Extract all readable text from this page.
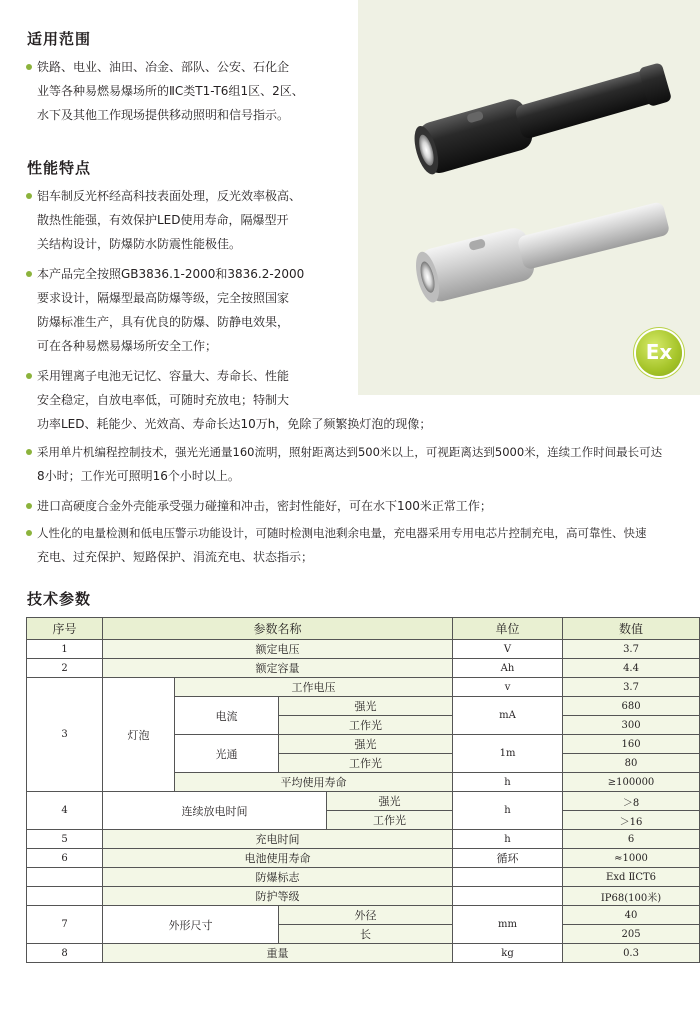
Ex
适用范围
铁路、电业、油田、冶金、部队、公安、石化企
业等各种易燃易爆场所的ⅡC类T1-T6组1区、2区、
水下及其他工作现场提供移动照明和信号指示。
性能特点
铝车制反光杯经高科技表面处理，反光效率极高、
散热性能强，有效保护LED使用寿命，隔爆型开
关结构设计，防爆防水防震性能极佳。
本产品完全按照GB3836.1-2000和3836.2-2000
要求设计，隔爆型最高防爆等级，完全按照国家
防爆标准生产，具有优良的防爆、防静电效果，
可在各种易燃易爆场所安全工作；
采用锂离子电池无记忆、容量大、寿命长、性能
安全稳定，自放电率低，可随时充放电；特制大
功率LED、耗能少、光效高、寿命长达10万h，免除了频繁换灯泡的现像；
采用单片机编程控制技术，强光光通量160流明，照射距离达到500米以上，可视距离达到5000米，连续工作时间最长可达
8小时；工作光可照明16个小时以上。
进口高硬度合金外壳能承受强力碰撞和冲击，密封性能好，可在水下100米正常工作；
人性化的电量检测和低电压警示功能设计，可随时检测电池剩余电量，充电器采用专用电芯片控制充电，高可靠性、快速
充电、过充保护、短路保护、涓流充电、状态指示；
技术参数
序号	参数名称				单位	数值
1	额定电压				V	3.7
2	额定容量				Ah	4.4
3	灯泡	工作电压			v	3.7
		电流	强光		mA	680
			工作光			300
		光通	强光		1m	160
			工作光			80
		平均使用寿命			h	≥100000
4	连续放电时间			强光	h	＞8
				工作光		＞16
5	充电时间				h	6
6	电池使用寿命				循环	≈1000
	防爆标志					Exd ⅡCT6
	防护等级					IP68(100米)
7	外形尺寸		外径		mm	40
			长			205
8	重量				kg	0.3
